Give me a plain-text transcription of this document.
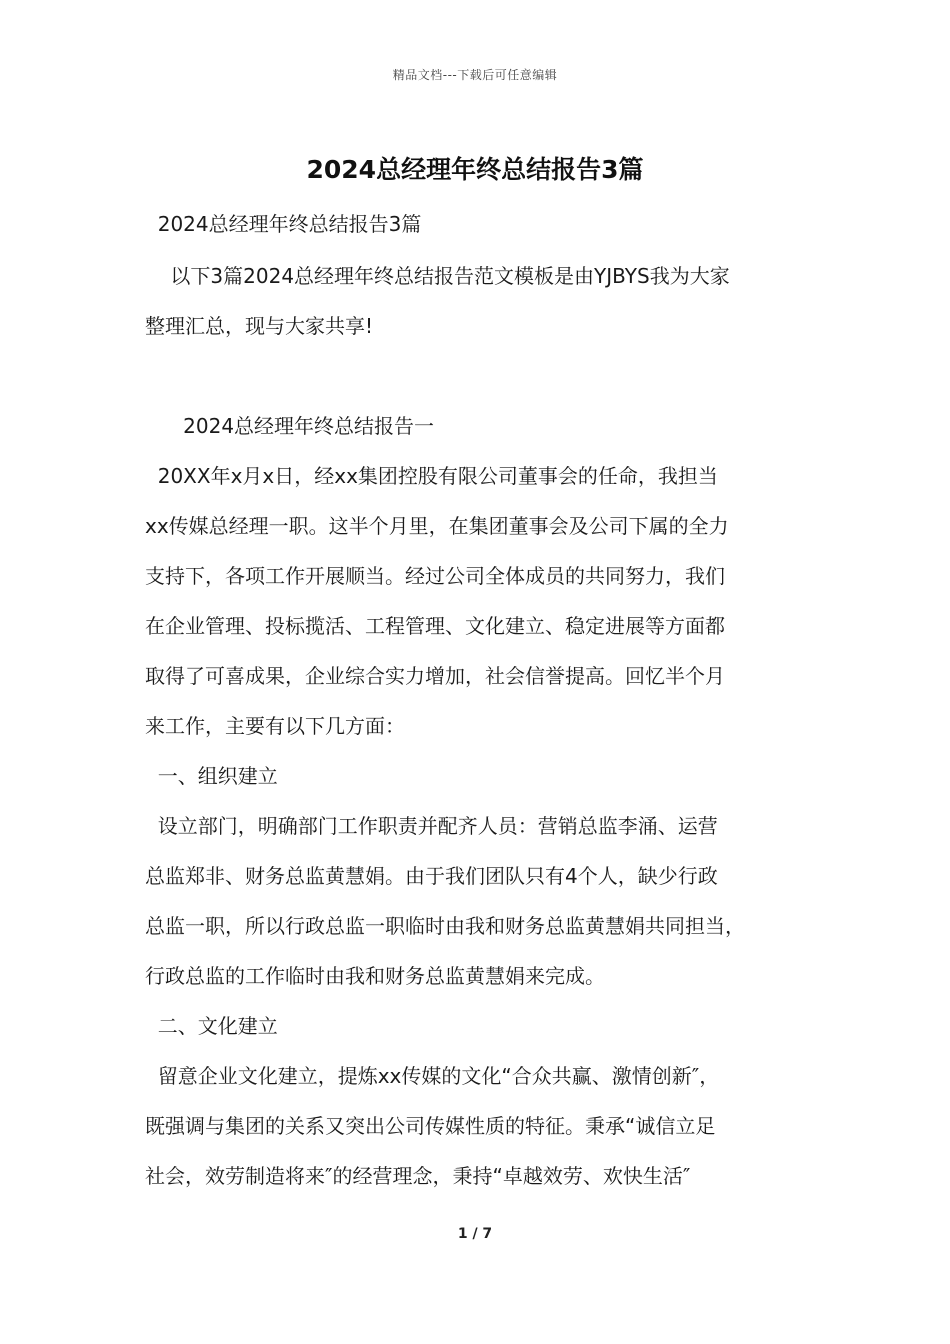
精品文档---下载后可任意编辑
2024总经理年终总结报告3篇
2024总经理年终总结报告3篇
以下3篇2024总经理年终总结报告范文模板是由YJBYS我为大家
整理汇总，现与大家共享!
2024总经理年终总结报告一
20XX年x月x日，经xx集团控股有限公司董事会的任命，我担当
xx传媒总经理一职。这半个月里，在集团董事会及公司下属的全力
支持下，各项工作开展顺当。经过公司全体成员的共同努力，我们
在企业管理、投标揽活、工程管理、文化建立、稳定进展等方面都
取得了可喜成果，企业综合实力增加，社会信誉提高。回忆半个月
来工作，主要有以下几方面：
一、组织建立
设立部门，明确部门工作职责并配齐人员：营销总监李涌、运营
总监郑非、财务总监黄慧娟。由于我们团队只有4个人，缺少行政
总监一职，所以行政总监一职临时由我和财务总监黄慧娟共同担当，
行政总监的工作临时由我和财务总监黄慧娟来完成。
二、文化建立
留意企业文化建立，提炼xx传媒的文化“合众共赢、激情创新″，
既强调与集团的关系又突出公司传媒性质的特征。秉承“诚信立足
社会，效劳制造将来″的经营理念，秉持“卓越效劳、欢快生活″
1 / 7
